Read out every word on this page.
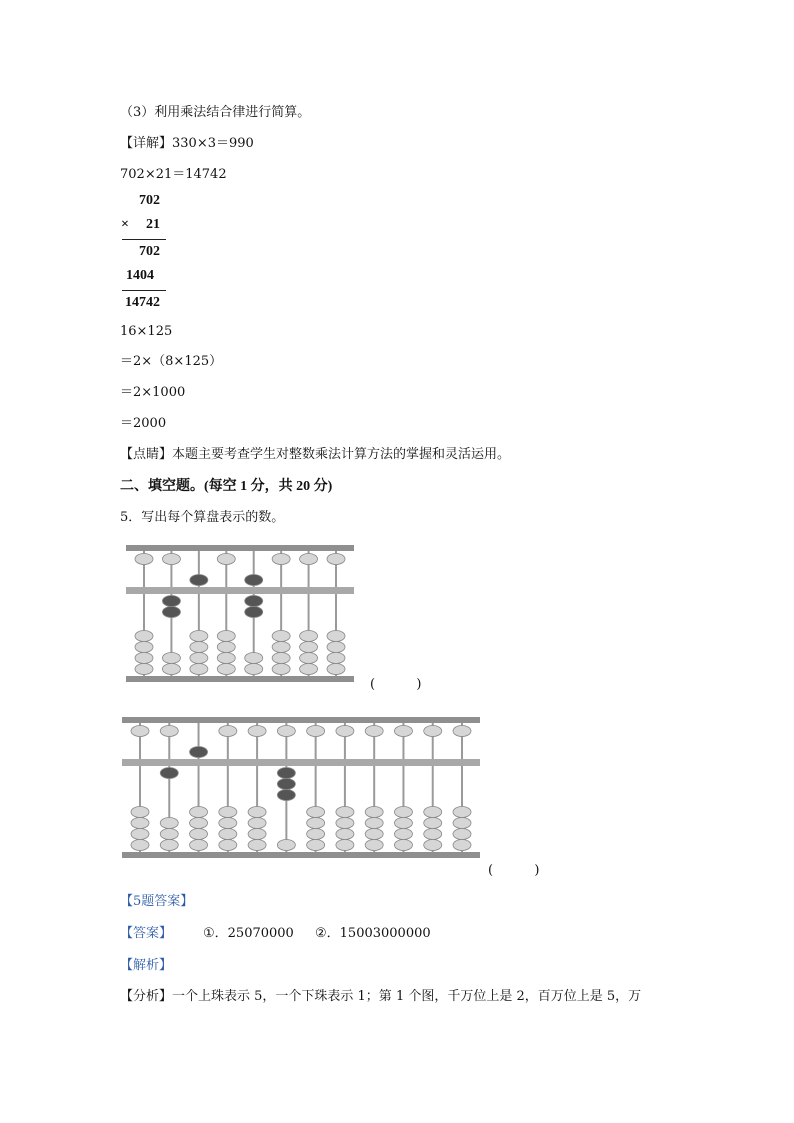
（3）利用乘法结合律进行简算。
【详解】330×3＝990
702×21＝14742
702
× 21
702
1404
14742
16×125
＝2×（8×125）
＝2×1000
＝2000
【点睛】本题主要考查学生对整数乘法计算方法的掌握和灵活运用。
二、填空题。(每空 1 分，共 20 分)
5．写出每个算盘表示的数。
(          )
(          )
【5题答案】
【答案】 ①．25070000 ②．15003000000
【解析】
【分析】一个上珠表示 5，一个下珠表示 1；第 1 个图，千万位上是 2，百万位上是 5，万
